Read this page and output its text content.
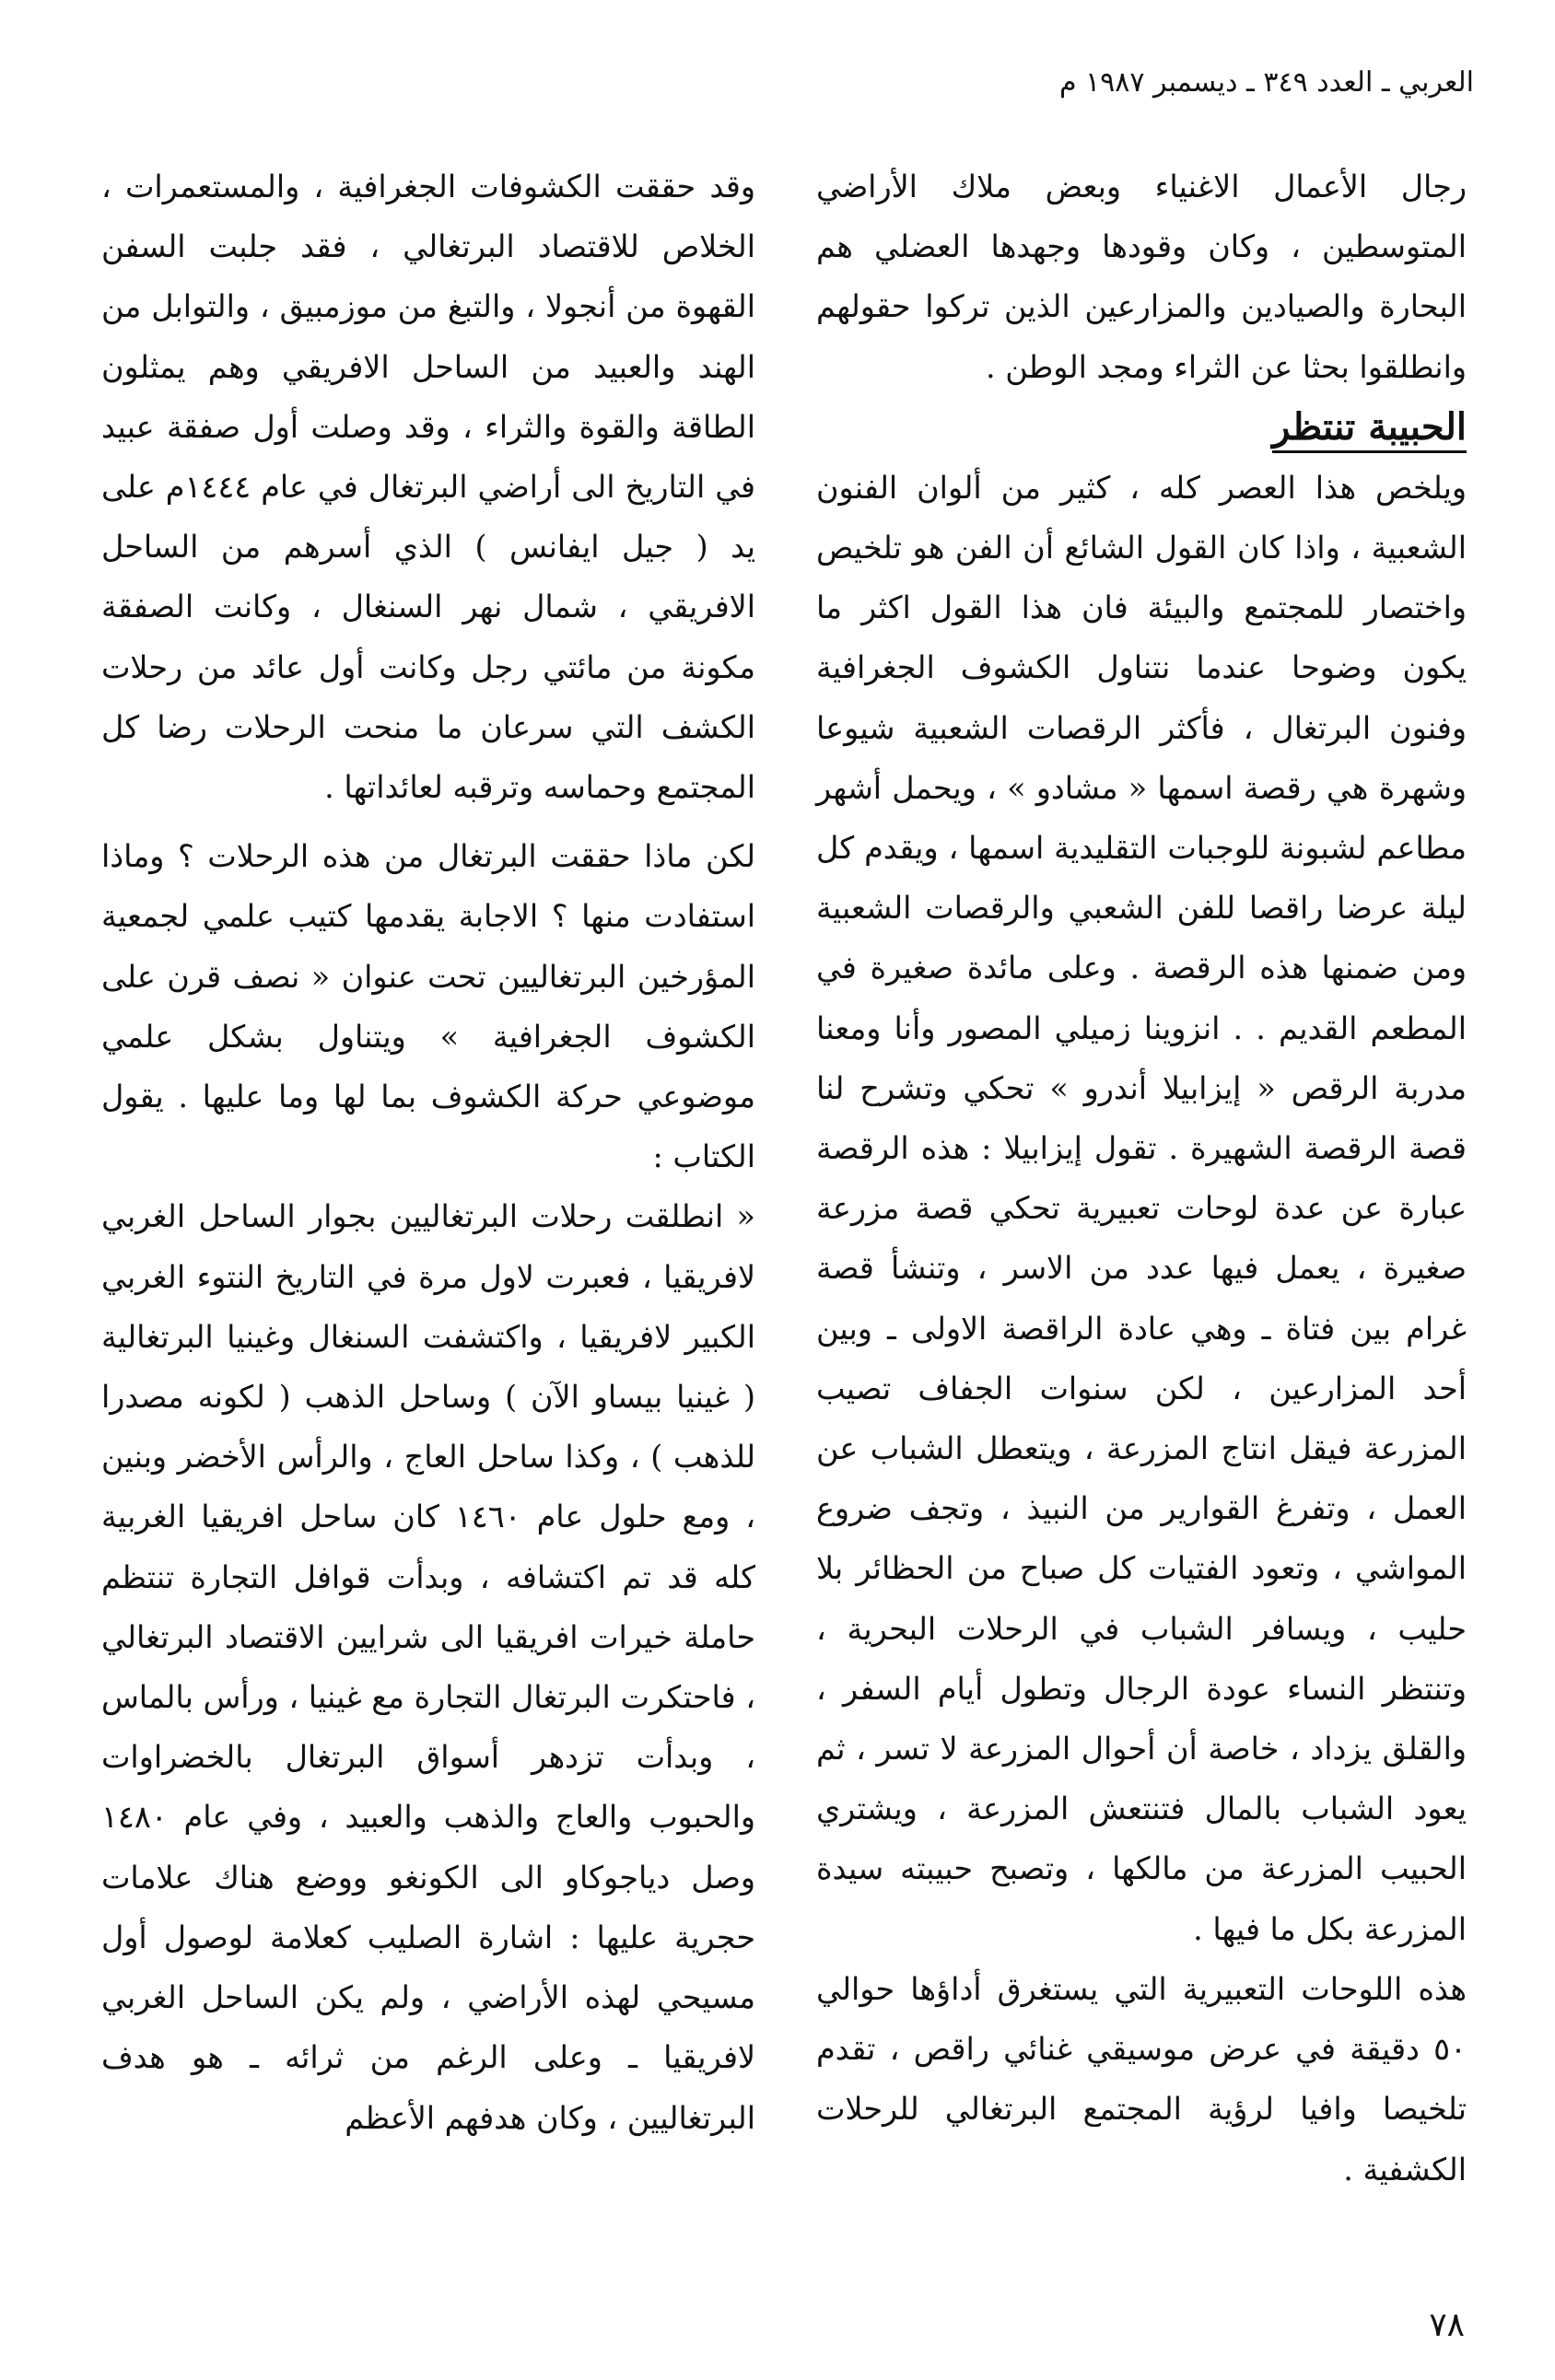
العربي ـ العدد ٣٤٩ ـ ديسمبر ١٩٨٧ م

رجال الأعمال الاغنياء وبعض ملاك الأراضي المتوسطين ، وكان وقودها وجهدها العضلي هم البحارة والصيادين والمزارعين الذين تركوا حقولهم وانطلقوا بحثا عن الثراء ومجد الوطن .

الحبيبة تنتظر

ويلخص هذا العصر كله ، كثير من ألوان الفنون الشعبية ، واذا كان القول الشائع أن الفن هو تلخيص واختصار للمجتمع والبيئة فان هذا القول اكثر ما يكون وضوحا عندما نتناول الكشوف الجغرافية وفنون البرتغال ، فأكثر الرقصات الشعبية شيوعا وشهرة هي رقصة اسمها « مشادو » ، ويحمل أشهر مطاعم لشبونة للوجبات التقليدية اسمها ، ويقدم كل ليلة عرضا راقصا للفن الشعبي والرقصات الشعبية ومن ضمنها هذه الرقصة . وعلى مائدة صغيرة في المطعم القديم . . انزوينا زميلي المصور وأنا ومعنا مدربة الرقص « إيزابيلا أندرو » تحكي وتشرح لنا قصة الرقصة الشهيرة . تقول إيزابيلا : هذه الرقصة عبارة عن عدة لوحات تعبيرية تحكي قصة مزرعة صغيرة ، يعمل فيها عدد من الاسر ، وتنشأ قصة غرام بين فتاة ـ وهي عادة الراقصة الاولى ـ وبين أحد المزارعين ، لكن سنوات الجفاف تصيب المزرعة فيقل انتاج المزرعة ، ويتعطل الشباب عن العمل ، وتفرغ القوارير من النبيذ ، وتجف ضروع المواشي ، وتعود الفتيات كل صباح من الحظائر بلا حليب ، ويسافر الشباب في الرحلات البحرية ، وتنتظر النساء عودة الرجال وتطول أيام السفر ، والقلق يزداد ، خاصة أن أحوال المزرعة لا تسر ، ثم يعود الشباب بالمال فتنتعش المزرعة ، ويشتري الحبيب المزرعة من مالكها ، وتصبح حبيبته سيدة المزرعة بكل ما فيها .

هذه اللوحات التعبيرية التي يستغرق أداؤها حوالي ٥٠ دقيقة في عرض موسيقي غنائي راقص ، تقدم تلخيصا وافيا لرؤية المجتمع البرتغالي للرحلات الكشفية .

وقد حققت الكشوفات الجغرافية ، والمستعمرات ، الخلاص للاقتصاد البرتغالي ، فقد جلبت السفن القهوة من أنجولا ، والتبغ من موزمبيق ، والتوابل من الهند والعبيد من الساحل الافريقي وهم يمثلون الطاقة والقوة والثراء ، وقد وصلت أول صفقة عبيد في التاريخ الى أراضي البرتغال في عام ١٤٤٤م على يد ( جيل ايفانس ) الذي أسرهم من الساحل الافريقي ، شمال نهر السنغال ، وكانت الصفقة مكونة من مائتي رجل وكانت أول عائد من رحلات الكشف التي سرعان ما منحت الرحلات رضا كل المجتمع وحماسه وترقبه لعائداتها .

لكن ماذا حققت البرتغال من هذه الرحلات ؟ وماذا استفادت منها ؟ الاجابة يقدمها كتيب علمي لجمعية المؤرخين البرتغاليين تحت عنوان « نصف قرن على الكشوف الجغرافية » ويتناول بشكل علمي موضوعي حركة الكشوف بما لها وما عليها . يقول الكتاب :

« انطلقت رحلات البرتغاليين بجوار الساحل الغربي لافريقيا ، فعبرت لاول مرة في التاريخ النتوء الغربي الكبير لافريقيا ، واكتشفت السنغال وغينيا البرتغالية ( غينيا بيساو الآن ) وساحل الذهب ( لكونه مصدرا للذهب ) ، وكذا ساحل العاج ، والرأس الأخضر وبنين ، ومع حلول عام ١٤٦٠ كان ساحل افريقيا الغربية كله قد تم اكتشافه ، وبدأت قوافل التجارة تنتظم حاملة خيرات افريقيا الى شرايين الاقتصاد البرتغالي ، فاحتكرت البرتغال التجارة مع غينيا ، ورأس بالماس ، وبدأت تزدهر أسواق البرتغال بالخضراوات والحبوب والعاج والذهب والعبيد ، وفي عام ١٤٨٠ وصل دياجوكاو الى الكونغو ووضع هناك علامات حجرية عليها : اشارة الصليب كعلامة لوصول أول مسيحي لهذه الأراضي ، ولم يكن الساحل الغربي لافريقيا ـ وعلى الرغم من ثرائه ـ هو هدف البرتغاليين ، وكان هدفهم الأعظم

٧٨
